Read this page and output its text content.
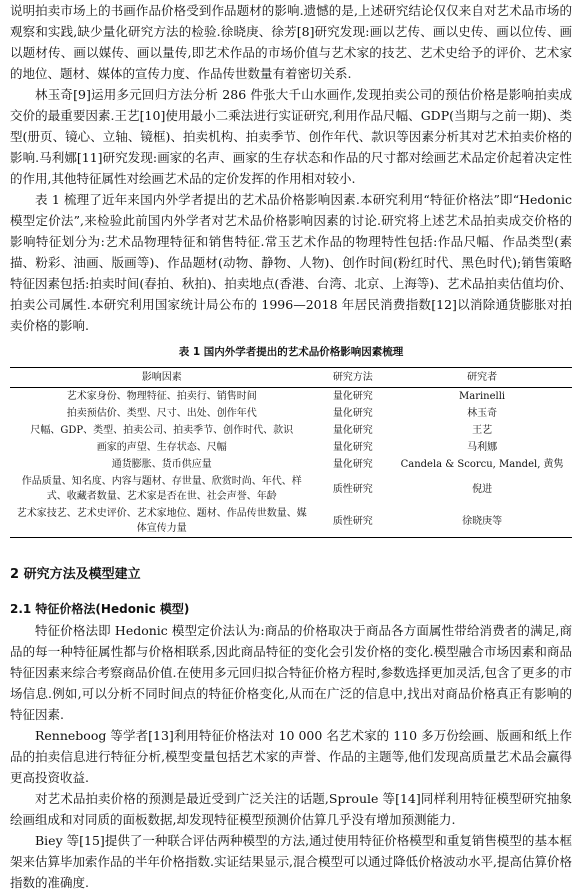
说明拍卖市场上的书画作品价格受到作品题材的影响.遗憾的是,上述研究结论仅仅来自对艺术品市场的观察和实践,缺少量化研究方法的检验.徐晓庚、徐芳[8]研究发现:画以艺传、画以史传、画以位传、画以题材传、画以媒传、画以量传,即艺术作品的市场价值与艺术家的技艺、艺术史给予的评价、艺术家的地位、题材、媒体的宣传力度、作品传世数量有着密切关系.

林玉奇[9]运用多元回归方法分析 286 件张大千山水画作,发现拍卖公司的预估价格是影响拍卖成交价的最重要因素.王艺[10]使用最小二乘法进行实证研究,利用作品尺幅、GDP(当期与之前一期)、类型(册页、镜心、立轴、镜框)、拍卖机构、拍卖季节、创作年代、款识等因素分析其对艺术拍卖价格的影响.马利娜[11]研究发现:画家的名声、画家的生存状态和作品的尺寸都对绘画艺术品定价起着决定性的作用,其他特征属性对绘画艺术品的定价发挥的作用相对较小.

表 1 梳理了近年来国内外学者提出的艺术品价格影响因素.本研究利用“特征价格法”即“Hedonic 模型定价法”,来检验此前国内外学者对艺术品价格影响因素的讨论.研究将上述艺术品拍卖成交价格的影响特征划分为:艺术品物理特征和销售特征.常玉艺术作品的物理特性包括:作品尺幅、作品类型(素描、粉彩、油画、版画等)、作品题材(动物、静物、人物)、创作时间(粉红时代、黑色时代);销售策略特征因素包括:拍卖时间(春拍、秋拍)、拍卖地点(香港、台湾、北京、上海等)、艺术品拍卖估值均价、拍卖公司属性.本研究利用国家统计局公布的 1996—2018 年居民消费指数[12]以消除通货膨胀对拍卖价格的影响.

表 1 国内外学者提出的艺术品价格影响因素梳理
影响因素	研究方法	研究者
艺术家身份、物理特征、拍卖行、销售时间	量化研究	Marinelli
拍卖预估价、类型、尺寸、出处、创作年代	量化研究	林玉奇
尺幅、GDP、类型、拍卖公司、拍卖季节、创作时代、款识	量化研究	王艺
画家的声望、生存状态、尺幅	量化研究	马利娜
通货膨胀、货币供应量	量化研究	Candela & Scorcu, Mandel, 黄隽
作品质量、知名度、内容与题材、存世量、欣赏时尚、年代、样式、收藏者数量、艺术家是否在世、社会声誉、年龄	质性研究	倪进
艺术家技艺、艺术史评价、艺术家地位、题材、作品传世数量、媒体宣传力量	质性研究	徐晓庚等
2 研究方法及模型建立
2.1 特征价格法(Hedonic 模型)

特征价格法即 Hedonic 模型定价法认为:商品的价格取决于商品各方面属性带给消费者的满足,商品的每一种特征属性都与价格相联系,因此商品特征的变化会引发价格的变化.模型融合市场因素和商品特征因素来综合考察商品价值.在使用多元回归拟合特征价格方程时,参数选择更加灵活,包含了更多的市场信息.例如,可以分析不同时间点的特征价格变化,从而在广泛的信息中,找出对商品价格真正有影响的特征因素.

Renneboog 等学者[13]利用特征价格法对 10 000 名艺术家的 110 多万份绘画、版画和纸上作品的拍卖信息进行特征分析,模型变量包括艺术家的声誉、作品的主题等,他们发现高质量艺术品会赢得更高投资收益.

对艺术品拍卖价格的预测是最近受到广泛关注的话题,Sproule 等[14]同样利用特征模型研究抽象绘画组成和对同质的面板数据,却发现特征模型预测价估算几乎没有增加预测能力.

Biey 等[15]提供了一种联合评估两种模型的方法,通过使用特征价格模型和重复销售模型的基本框架来估算毕加索作品的半年价格指数.实证结果显示,混合模型可以通过降低价格波动水平,提高估算价格指数的准确度.
